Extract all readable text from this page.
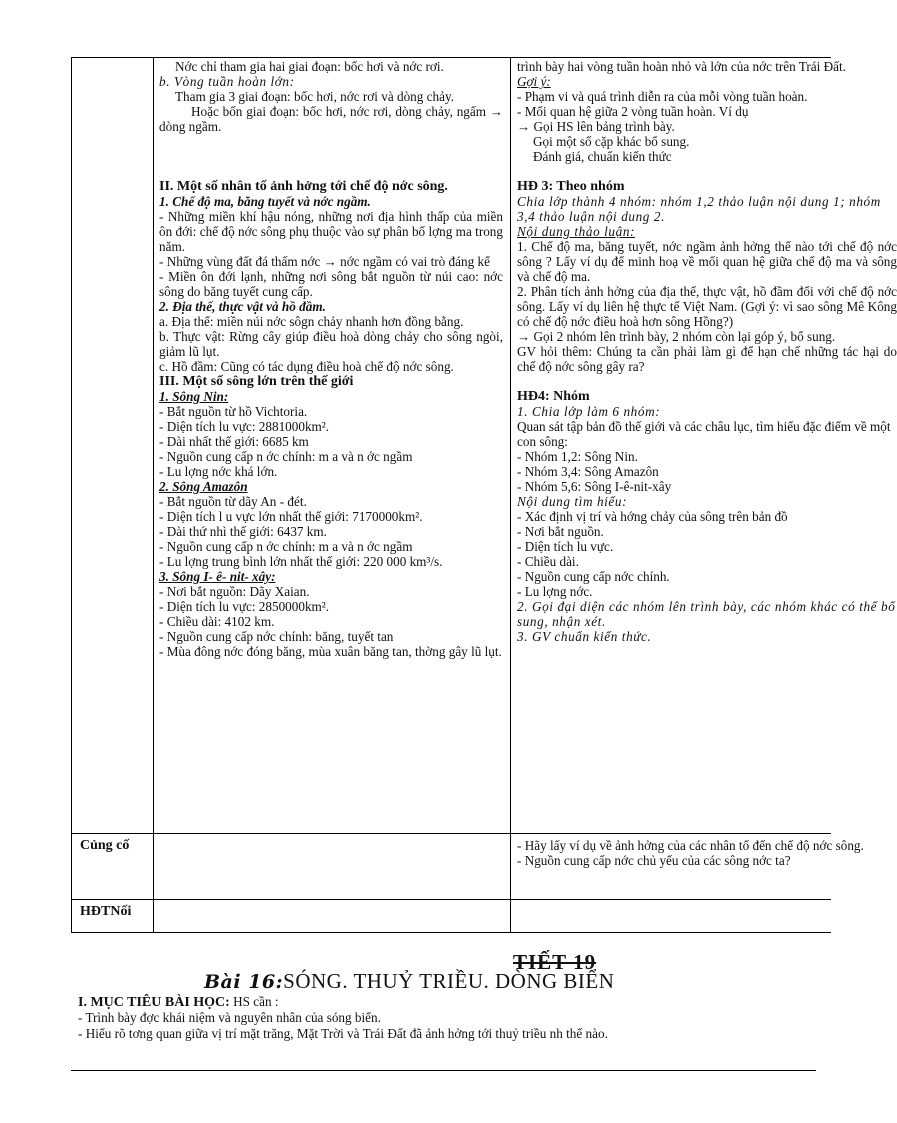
Nớc chỉ tham gia hai giai đoạn: bốc hơi và nớc rơi.

b. Vòng tuần hoàn lớn:

Tham gia 3 giai đoạn: bốc hơi, nớc rơi và dòng chảy.

Hoặc bốn giai đoạn: bốc hơi, nớc rơi, dòng chảy, ngấm → dòng ngầm.

II. Một số nhân tố ảnh hởng tới chế độ nớc sông.

1. Chế độ ma, băng tuyết và nớc ngầm.

- Những miền khí hậu nóng, những nơi địa hình thấp của miền ôn đới: chế độ nớc sông phụ thuộc vào sự phân bố lợng ma trong năm.

- Những vùng đất đá thấm nớc → nớc ngầm có vai trò đáng kể

- Miền ôn đới lạnh, những nơi sông bắt nguồn từ núi cao: nớc sông do băng tuyết cung cấp.

2. Địa thế, thực vật và hồ đầm.

a. Địa thế: miền núi nớc sôgn chảy nhanh hơn đồng bằng.

b. Thực vật: Rừng cây giúp điều hoà dòng chảy cho sông ngòi, giảm lũ lụt.

c. Hồ đầm: Cũng có tác dụng điều hoà chế độ nớc sông.

III. Một số sông lớn trên thế giới

1. Sông Nin:

- Bắt nguồn từ hồ Vichtoria.

- Diện tích lu vực: 2881000km².

- Dài nhất thế giới: 6685 km

- Nguồn cung cấp n ớc chính: m a và n ớc ngầm

- Lu lợng nớc khá lớn.

2. Sông Amazôn

- Bắt nguồn từ dãy An - đét.

- Diện tích l u vực lớn nhất thế giới: 7170000km².

- Dài thứ nhì thế giới: 6437 km.

- Nguồn cung cấp n ớc chính: m a và n ớc ngầm

- Lu lợng trung bình lớn nhất thế giới: 220 000 km³/s.

3. Sông I- ê- nit- xây:

- Nơi bắt nguồn: Dãy Xaian.

- Diện tích lu vực: 2850000km².

- Chiều dài: 4102 km.

- Nguồn cung cấp nớc chính: băng, tuyết tan

- Mùa đông nớc đóng băng, mùa xuân băng tan, thờng gây lũ lụt.

trình bày hai vòng tuần hoàn nhỏ và lớn của nớc trên Trái Đất.

Gợi ý:

- Phạm vi và quá trình diễn ra của mỗi vòng tuần hoàn.

- Mối quan hệ giữa 2 vòng tuần hoàn. Ví dụ

→ Gọi HS lên bảng trình bày.

Gọi một số cặp khác bổ sung.

Đánh giá, chuẩn kiến thức

HĐ 3: Theo nhóm

Chia lớp thành 4 nhóm: nhóm 1,2 thảo luận nội dung 1; nhóm 3,4 thảo luận nội dung 2.

Nội dung thảo luận:

1. Chế độ ma, băng tuyết, nớc ngầm ảnh hởng thế nào tới chế độ nớc sông ? Lấy ví dụ để minh hoạ về mối quan hệ giữa chế độ ma và sông và chế độ ma.

2. Phân tích ảnh hởng của địa thế, thực vật, hồ đầm đối với chế độ nớc sông. Lấy ví dụ liên hệ thực tế Việt Nam. (Gợi ý: vì sao sông Mê Kông có chế độ nớc điều hoà hơn sông Hồng?)

→ Gọi 2 nhóm lên trình bày, 2 nhóm còn lại góp ý, bổ sung.

GV hỏi thêm: Chúng ta cần phải làm gì để hạn chế những tác hại do chế độ nớc sông gây ra?

HĐ4: Nhóm

1. Chia lớp làm 6 nhóm:

Quan sát tập bản đồ thế giới và các châu lục, tìm hiểu đặc điểm về một con sông:

- Nhóm 1,2: Sông Nin.

- Nhóm 3,4: Sông Amazôn

- Nhóm 5,6: Sông I-ê-nit-xây

Nội dung tìm hiểu:

- Xác định vị trí và hớng chảy của sông trên bản đồ

- Nơi bắt nguồn.

- Diện tích lu vực.

- Chiều dài.

- Nguồn cung cấp nớc chính.

- Lu lợng nớc.

2. Gọi đại diện các nhóm lên trình bày, các nhóm khác có thể bổ sung, nhận xét.

3. GV chuẩn kiến thức.

Củng cố	- Hãy lấy ví dụ về ảnh hởng của các nhân tố đến chế độ nớc sông.

- Nguồn cung cấp nớc chủ yếu của các sông nớc ta?

HĐTNối
TIẾT 19
Bài 16:SÓNG. THUỶ TRIỀU. DÒNG BIỂN
I. MỤC TIÊU BÀI HỌC: HS cần :
- Trình bày đợc khái niệm và nguyên nhân của sóng biển.
- Hiểu rõ tơng quan giữa vị trí mặt trăng, Mặt Trời và Trái Đất đã ảnh hởng tới thuỷ triều nh thế nào.
